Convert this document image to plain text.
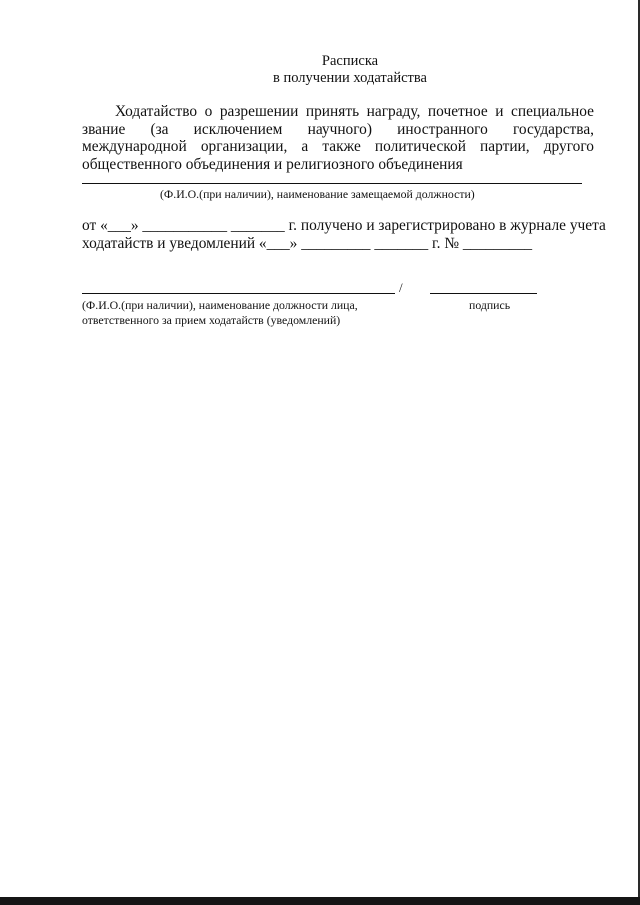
Расписка
в получении ходатайства
Ходатайство о разрешении принять награду, почетное и специальное
звание (за исключением научного) иностранного государства,
международной организации, а также политической партии, другого
общественного объединения и религиозного объединения
(Ф.И.О.(при наличии), наименование замещаемой должности)
от «___» ___________ _______ г. получено и зарегистрировано в журнале учета
ходатайств и уведомлений «___» _________ _______ г. № _________
/
(Ф.И.О.(при наличии), наименование должности лица,
ответственного за прием ходатайств (уведомлений)
подпись
